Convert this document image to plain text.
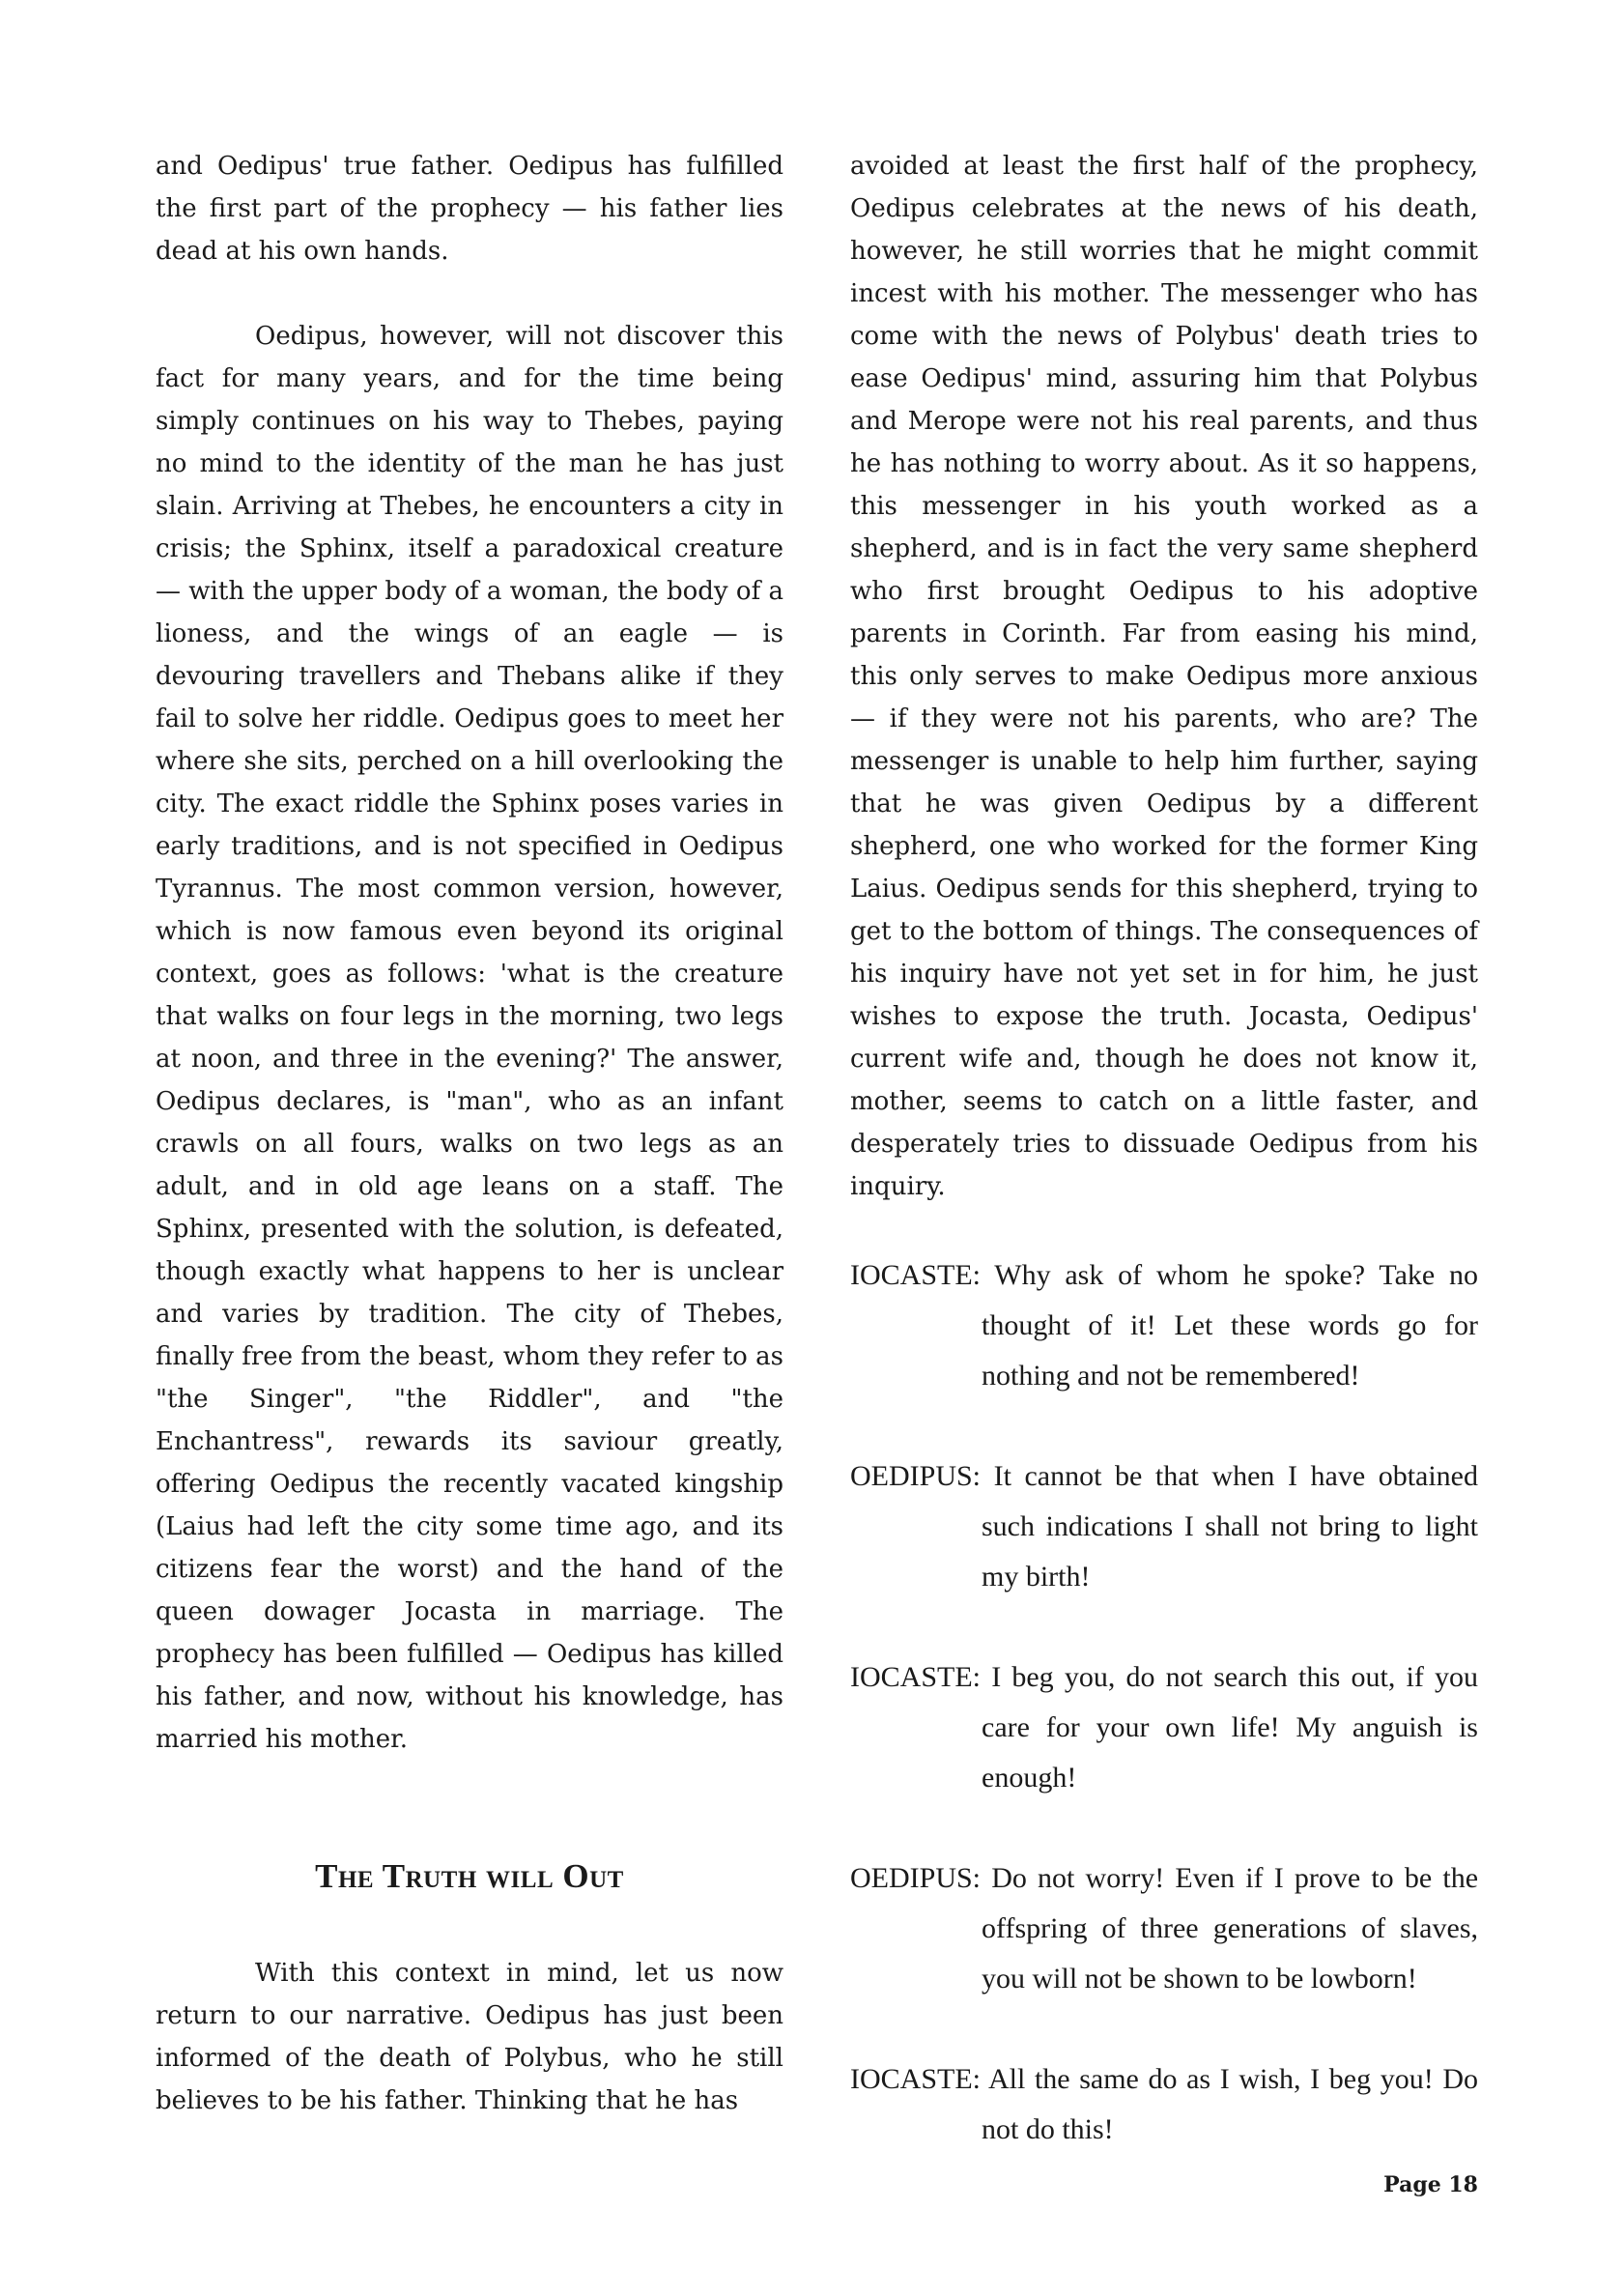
and Oedipus' true father. Oedipus has fulfilled the first part of the prophecy — his father lies dead at his own hands.

Oedipus, however, will not discover this fact for many years, and for the time being simply continues on his way to Thebes, paying no mind to the identity of the man he has just slain. Arriving at Thebes, he encounters a city in crisis; the Sphinx, itself a paradoxical creature — with the upper body of a woman, the body of a lioness, and the wings of an eagle — is devouring travellers and Thebans alike if they fail to solve her riddle. Oedipus goes to meet her where she sits, perched on a hill overlooking the city. The exact riddle the Sphinx poses varies in early traditions, and is not specified in Oedipus Tyrannus. The most common version, however, which is now famous even beyond its original context, goes as follows: 'what is the creature that walks on four legs in the morning, two legs at noon, and three in the evening?' The answer, Oedipus declares, is "man", who as an infant crawls on all fours, walks on two legs as an adult, and in old age leans on a staff. The Sphinx, presented with the solution, is defeated, though exactly what happens to her is unclear and varies by tradition. The city of Thebes, finally free from the beast, whom they refer to as "the Singer", "the Riddler", and "the Enchantress", rewards its saviour greatly, offering Oedipus the recently vacated kingship (Laius had left the city some time ago, and its citizens fear the worst) and the hand of the queen dowager Jocasta in marriage. The prophecy has been fulfilled — Oedipus has killed his father, and now, without his knowledge, has married his mother.

The Truth will Out

With this context in mind, let us now return to our narrative. Oedipus has just been informed of the death of Polybus, who he still believes to be his father. Thinking that he has

avoided at least the first half of the prophecy, Oedipus celebrates at the news of his death, however, he still worries that he might commit incest with his mother. The messenger who has come with the news of Polybus' death tries to ease Oedipus' mind, assuring him that Polybus and Merope were not his real parents, and thus he has nothing to worry about. As it so happens, this messenger in his youth worked as a shepherd, and is in fact the very same shepherd who first brought Oedipus to his adoptive parents in Corinth. Far from easing his mind, this only serves to make Oedipus more anxious — if they were not his parents, who are? The messenger is unable to help him further, saying that he was given Oedipus by a different shepherd, one who worked for the former King Laius. Oedipus sends for this shepherd, trying to get to the bottom of things. The consequences of his inquiry have not yet set in for him, he just wishes to expose the truth. Jocasta, Oedipus' current wife and, though he does not know it, mother, seems to catch on a little faster, and desperately tries to dissuade Oedipus from his inquiry.

IOCASTE: Why ask of whom he spoke? Take no thought of it! Let these words go for nothing and not be remembered!

OEDIPUS: It cannot be that when I have obtained such indications I shall not bring to light my birth!

IOCASTE: I beg you, do not search this out, if you care for your own life! My anguish is enough!

OEDIPUS: Do not worry! Even if I prove to be the offspring of three generations of slaves, you will not be shown to be lowborn!

IOCASTE: All the same do as I wish, I beg you! Do not do this!

Page 18
